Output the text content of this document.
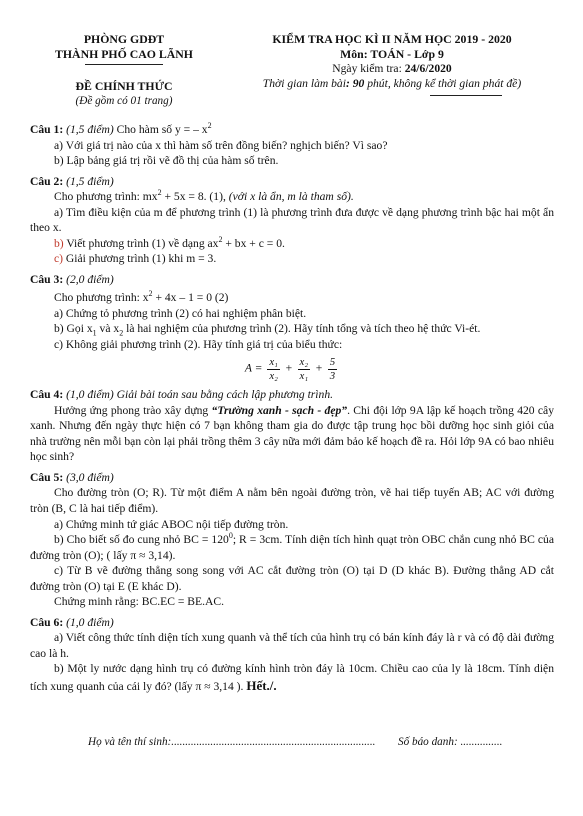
PHÒNG GDĐT
THÀNH PHỐ CAO LÃNH
ĐỀ CHÍNH THỨC
(Đề gồm có 01 trang)
KIỂM TRA HỌC KÌ II NĂM HỌC 2019 - 2020
Môn: TOÁN - Lớp 9
Ngày kiểm tra: 24/6/2020
Thời gian làm bài: 90 phút, không kể thời gian phát đề)
Câu 1: (1,5 điểm) Cho hàm số y = – $x^2$
a) Với giá trị nào của x thì hàm số trên đồng biến? nghịch biến? Vì sao?
b) Lập bảng giá trị rồi vẽ đồ thị của hàm số trên.
Câu 2: (1,5 điểm)
Cho phương trình: $mx^2 + 5x = 8$. (1), (với x là ẩn, m là tham số).
a) Tìm điều kiện của m để phương trình (1) là phương trình đưa được về dạng phương trình bậc hai một ẩn theo x.
b) Viết phương trình (1) về dạng $ax^2$ + bx + c = 0.
c) Giải phương trình (1) khi m = 3.
Câu 3: (2,0 điểm)
Cho phương trình: $x^2 + 4x - 1 = 0$ (2)
a) Chứng tỏ phương trình (2) có hai nghiệm phân biệt.
b) Gọi $x_1$ và $x_2$ là hai nghiệm của phương trình (2). Hãy tính tổng và tích theo hệ thức Vi-ét.
c) Không giải phương trình (2). Hãy tính giá trị của biểu thức:
$A = \frac{\text{x₁}}{\text{x₂}} + \frac{\text{x₂}}{\text{x₁}} + \frac{5}{3}$
Câu 4: (1,0 điểm) Giải bài toán sau bằng cách lập phương trình.
Hưởng ứng phong trào xây dựng “Trường xanh - sạch - đẹp”. Chi đội lớp 9A lập kế hoạch trồng 420 cây xanh. Nhưng đến ngày thực hiện có 7 bạn không tham gia do được tập trung học bồi dưỡng học sinh giỏi của nhà trường nên mỗi bạn còn lại phải trồng thêm 3 cây nữa mới đảm bảo kế hoạch đề ra. Hỏi lớp 9A có bao nhiêu học sinh?
Câu 5: (3,0 điểm)
Cho đường tròn (O; R). Từ một điểm A nằm bên ngoài đường tròn, vẽ hai tiếp tuyến AB; AC với đường tròn (B, C là hai tiếp điểm).
a) Chứng minh tứ giác ABOC nội tiếp đường tròn.
b) Cho biết số đo cung nhỏ BC = $120^0$; R = 3cm. Tính diện tích hình quạt tròn OBC chắn cung nhỏ BC của đường tròn (O); ( lấy π ≈ 3,14).
c) Từ B vẽ đường thẳng song song với AC cắt đường tròn (O) tại D (D khác B). Đường thẳng AD cắt đường tròn (O) tại E (E khác D).
Chứng minh rằng: BC.EC = BE.AC.
Câu 6: (1,0 điểm)
a) Viết công thức tính diện tích xung quanh và thể tích của hình trụ có bán kính đáy là r và có độ dài đường cao là h.
b) Một ly nước dạng hình trụ có đường kính hình tròn đáy là 10cm. Chiều cao của ly là 18cm. Tính diện tích xung quanh của cái ly đó? (lấy π ≈ 3,14 ). Hết./.
Họ và tên thí sinh:......................................................................... Số báo danh: ...............
